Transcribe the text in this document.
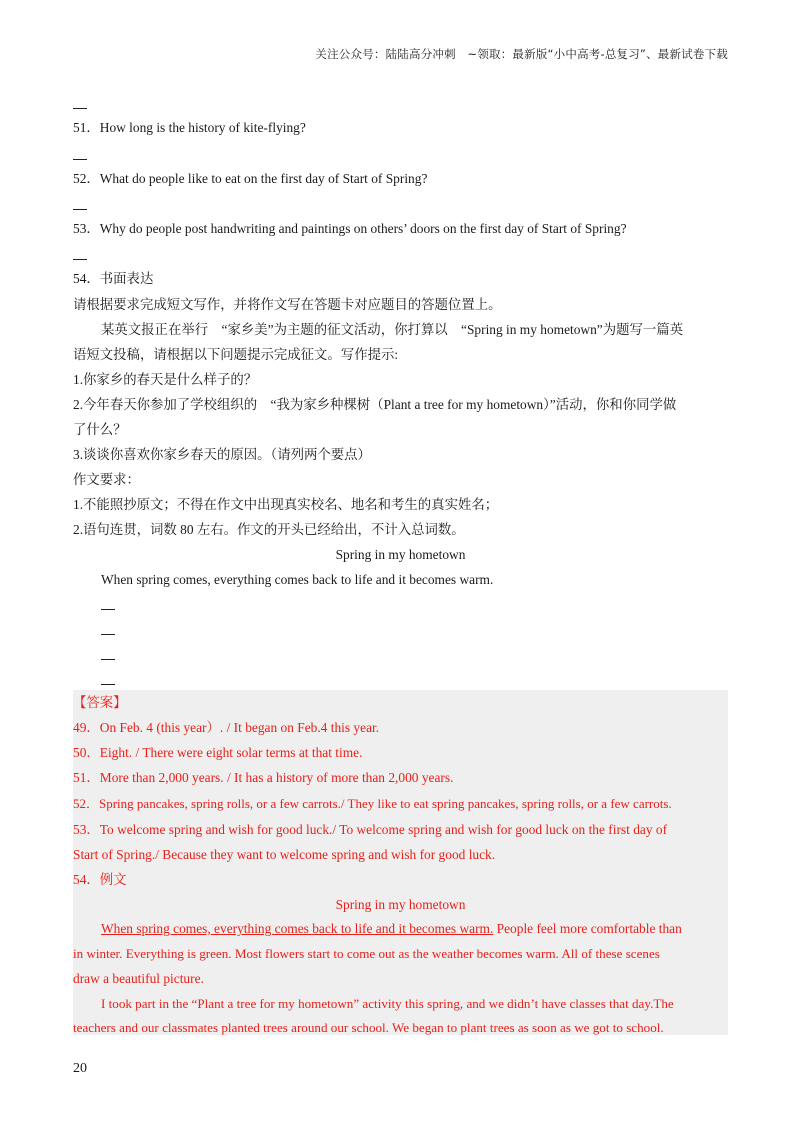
关注公众号：陆陆高分冲刺　~领取：最新版“小中高考-总复习”、最新试卷下载
51．How long is the history of kite-flying?
52．What do people like to eat on the first day of Start of Spring?
53．Why do people post handwriting and paintings on others’ doors on the first day of Start of Spring?
54．书面表达
请根据要求完成短文写作，并将作文写在答题卡对应题目的答题位置上。
某英文报正在举行　“家乡美”为主题的征文活动，你打算以　“Spring in my hometown”为题写一篇英
语短文投稿，请根据以下问题提示完成征文。写作提示:
1.你家乡的春天是什么样子的？
2.今年春天你参加了学校组织的　“我为家乡种棵树（Plant a tree for my hometown）”活动，你和你同学做
了什么？
3.谈谈你喜欢你家乡春天的原因。（请列两个要点）
作文要求：
1.不能照抄原文；不得在作文中出现真实校名、地名和考生的真实姓名；
2.语句连贯，词数 80 左右。作文的开头已经给出，不计入总词数。
Spring in my hometown
When spring comes, everything comes back to life and it becomes warm.
【答案】
49．On Feb. 4 (this year）. / It began on Feb.4 this year.
50．Eight. / There were eight solar terms at that time.
51．More than 2,000 years. / It has a history of more than 2,000 years.
52．Spring pancakes, spring rolls, or a few carrots./ They like to eat spring pancakes, spring rolls, or a few carrots.
53．To welcome spring and wish for good luck./ To welcome spring and wish for good luck on the first day of
Start of Spring./ Because they want to welcome spring and wish for good luck.
54．例文
Spring in my hometown
When spring comes, everything comes back to life and it becomes warm. People feel more comfortable than
in winter. Everything is green. Most flowers start to come out as the weather becomes warm. All of these scenes
draw a beautiful picture.
I took part in the “Plant a tree for my hometown” activity this spring, and we didn’t have classes that day.The
teachers and our classmates planted trees around our school. We began to plant trees as soon as we got to school.
20
